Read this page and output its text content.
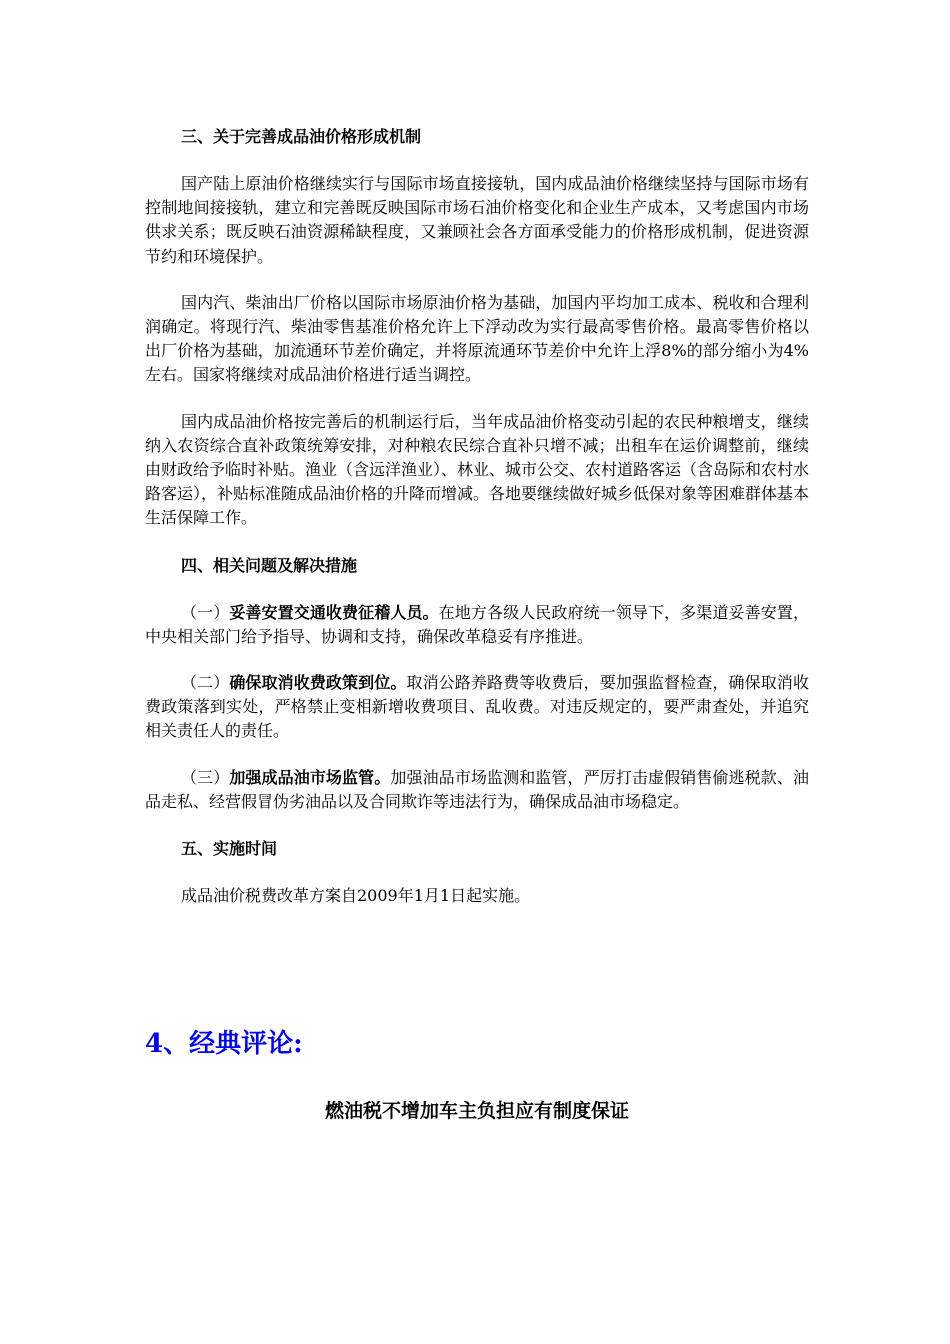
三、关于完善成品油价格形成机制

国产陆上原油价格继续实行与国际市场直接接轨，国内成品油价格继续坚持与国际市场有控制地间接接轨，建立和完善既反映国际市场石油价格变化和企业生产成本，又考虑国内市场供求关系；既反映石油资源稀缺程度，又兼顾社会各方面承受能力的价格形成机制，促进资源节约和环境保护。

国内汽、柴油出厂价格以国际市场原油价格为基础，加国内平均加工成本、税收和合理利润确定。将现行汽、柴油零售基准价格允许上下浮动改为实行最高零售价格。最高零售价格以出厂价格为基础，加流通环节差价确定，并将原流通环节差价中允许上浮8%的部分缩小为4%左右。国家将继续对成品油价格进行适当调控。

国内成品油价格按完善后的机制运行后，当年成品油价格变动引起的农民种粮增支，继续纳入农资综合直补政策统筹安排，对种粮农民综合直补只增不减；出租车在运价调整前，继续由财政给予临时补贴。渔业（含远洋渔业）、林业、城市公交、农村道路客运（含岛际和农村水路客运），补贴标准随成品油价格的升降而增减。各地要继续做好城乡低保对象等困难群体基本生活保障工作。

四、相关问题及解决措施

（一）妥善安置交通收费征稽人员。在地方各级人民政府统一领导下，多渠道妥善安置，中央相关部门给予指导、协调和支持，确保改革稳妥有序推进。

（二）确保取消收费政策到位。取消公路养路费等收费后，要加强监督检查，确保取消收费政策落到实处，严格禁止变相新增收费项目、乱收费。对违反规定的，要严肃查处，并追究相关责任人的责任。

（三）加强成品油市场监管。加强油品市场监测和监管，严厉打击虚假销售偷逃税款、油品走私、经营假冒伪劣油品以及合同欺诈等违法行为，确保成品油市场稳定。

五、实施时间

成品油价税费改革方案自2009年1月1日起实施。

4、经典评论:

燃油税不增加车主负担应有制度保证
